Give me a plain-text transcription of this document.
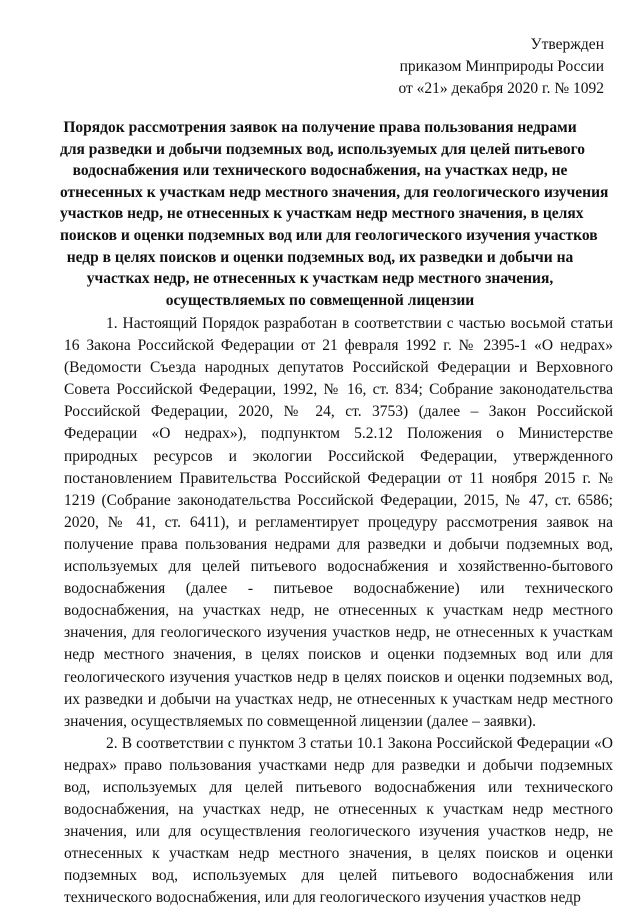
Утвержден
приказом Минприроды России
от «21» декабря 2020 г. № 1092
Порядок рассмотрения заявок на получение права пользования недрами
для разведки и добычи подземных вод, используемых для целей питьевого
водоснабжения или технического водоснабжения, на участках недр, не
отнесенных к участкам недр местного значения, для геологического изучения
участков недр, не отнесенных к участкам недр местного значения, в целях
поисков и оценки подземных вод или для геологического изучения участков
недр в целях поисков и оценки подземных вод, их разведки и добычи на
участках недр, не отнесенных к участкам недр местного значения,
осуществляемых по совмещенной лицензии

1. Настоящий Порядок разработан в соответствии с частью восьмой статьи 16 Закона Российской Федерации от 21 февраля 1992 г. № 2395-1 «О недрах» (Ведомости Съезда народных депутатов Российской Федерации и Верховного Совета Российской Федерации, 1992, № 16, ст. 834; Собрание законодательства Российской Федерации, 2020, № 24, ст. 3753) (далее – Закон Российской Федерации «О недрах»), подпунктом 5.2.12 Положения о Министерстве природных ресурсов и экологии Российской Федерации, утвержденного постановлением Правительства Российской Федерации от 11 ноября 2015 г. № 1219 (Собрание законодательства Российской Федерации, 2015, № 47, ст. 6586; 2020, № 41, ст. 6411), и регламентирует процедуру рассмотрения заявок на получение права пользования недрами для разведки и добычи подземных вод, используемых для целей питьевого водоснабжения и хозяйственно-бытового водоснабжения (далее - питьевое водоснабжение) или технического водоснабжения, на участках недр, не отнесенных к участкам недр местного значения, для геологического изучения участков недр, не отнесенных к участкам недр местного значения, в целях поисков и оценки подземных вод или для геологического изучения участков недр в целях поисков и оценки подземных вод, их разведки и добычи на участках недр, не отнесенных к участкам недр местного значения, осуществляемых по совмещенной лицензии (далее – заявки).

2. В соответствии с пунктом 3 статьи 10.1 Закона Российской Федерации «О недрах» право пользования участками недр для разведки и добычи подземных вод, используемых для целей питьевого водоснабжения или технического водоснабжения, на участках недр, не отнесенных к участкам недр местного значения, или для осуществления геологического изучения участков недр, не отнесенных к участкам недр местного значения, в целях поисков и оценки подземных вод, используемых для целей питьевого водоснабжения или технического водоснабжения, или для геологического изучения участков недр
